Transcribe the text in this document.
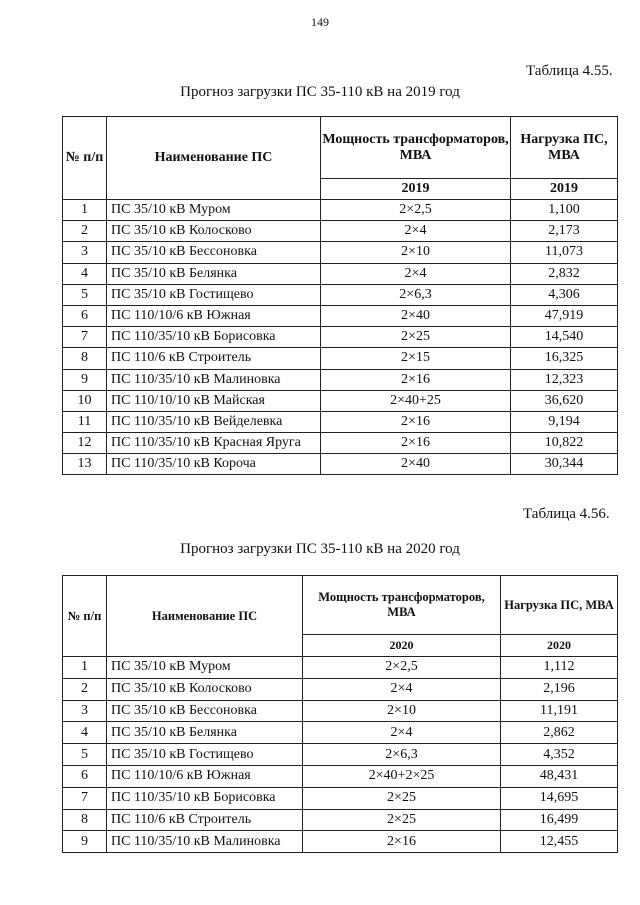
149
Таблица 4.55.
Прогноз загрузки ПС 35-110 кВ на 2019 год
№ п/п	Наименование ПС	Мощность трансформаторов, МВА	Нагрузка ПС, МВА
		2019	2019
1	ПС 35/10 кВ Муром	2×2,5	1,100
2	ПС 35/10 кВ Колосково	2×4	2,173
3	ПС 35/10 кВ Бессоновка	2×10	11,073
4	ПС 35/10 кВ Белянка	2×4	2,832
5	ПС 35/10 кВ Гостищево	2×6,3	4,306
6	ПС 110/10/6 кВ Южная	2×40	47,919
7	ПС 110/35/10 кВ Борисовка	2×25	14,540
8	ПС 110/6 кВ Строитель	2×15	16,325
9	ПС 110/35/10 кВ Малиновка	2×16	12,323
10	ПС 110/10/10 кВ Майская	2×40+25	36,620
11	ПС 110/35/10 кВ Вейделевка	2×16	9,194
12	ПС 110/35/10 кВ Красная Яруга	2×16	10,822
13	ПС 110/35/10 кВ Короча	2×40	30,344
Таблица 4.56.
Прогноз загрузки ПС 35-110 кВ на 2020 год
№ п/п	Наименование ПС	Мощность трансформаторов, МВА	Нагрузка ПС, МВА
		2020	2020
1	ПС 35/10 кВ Муром	2×2,5	1,112
2	ПС 35/10 кВ Колосково	2×4	2,196
3	ПС 35/10 кВ Бессоновка	2×10	11,191
4	ПС 35/10 кВ Белянка	2×4	2,862
5	ПС 35/10 кВ Гостищево	2×6,3	4,352
6	ПС 110/10/6 кВ Южная	2×40+2×25	48,431
7	ПС 110/35/10 кВ Борисовка	2×25	14,695
8	ПС 110/6 кВ Строитель	2×25	16,499
9	ПС 110/35/10 кВ Малиновка	2×16	12,455
